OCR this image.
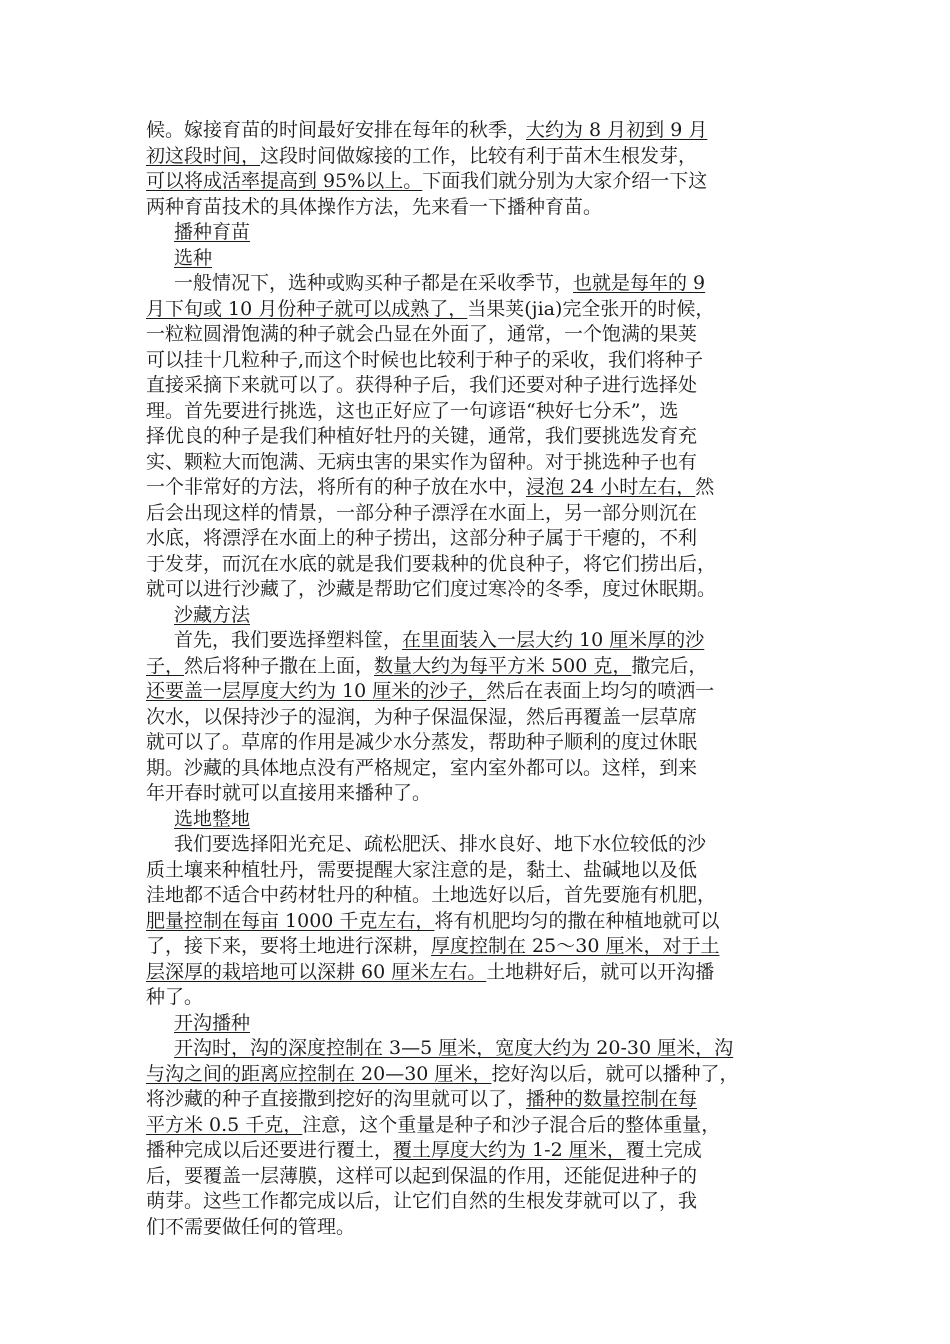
候。嫁接育苗的时间最好安排在每年的秋季，大约为 8 月初到 9 月
初这段时间，这段时间做嫁接的工作，比较有利于苗木生根发芽，
可以将成活率提高到 95%以上。下面我们就分别为大家介绍一下这
两种育苗技术的具体操作方法，先来看一下播种育苗。
播种育苗
选种
一般情况下，选种或购买种子都是在采收季节，也就是每年的 9
月下旬或 10 月份种子就可以成熟了，当果荚(jia)完全张开的时候，
一粒粒圆滑饱满的种子就会凸显在外面了，通常，一个饱满的果荚
可以挂十几粒种子,而这个时候也比较利于种子的采收，我们将种子
直接采摘下来就可以了。获得种子后，我们还要对种子进行选择处
理。首先要进行挑选，这也正好应了一句谚语“秧好七分禾”，选
择优良的种子是我们种植好牡丹的关键，通常，我们要挑选发育充
实、颗粒大而饱满、无病虫害的果实作为留种。对于挑选种子也有
一个非常好的方法，将所有的种子放在水中，浸泡 24 小时左右，然
后会出现这样的情景，一部分种子漂浮在水面上，另一部分则沉在
水底，将漂浮在水面上的种子捞出，这部分种子属于干瘪的，不利
于发芽，而沉在水底的就是我们要栽种的优良种子，将它们捞出后，
就可以进行沙藏了，沙藏是帮助它们度过寒冷的冬季，度过休眠期。
沙藏方法
首先，我们要选择塑料筐，在里面装入一层大约 10 厘米厚的沙
子，然后将种子撒在上面，数量大约为每平方米 500 克，撒完后，
还要盖一层厚度大约为 10 厘米的沙子，然后在表面上均匀的喷洒一
次水，以保持沙子的湿润，为种子保温保湿，然后再覆盖一层草席
就可以了。草席的作用是减少水分蒸发，帮助种子顺利的度过休眠
期。沙藏的具体地点没有严格规定，室内室外都可以。这样，到来
年开春时就可以直接用来播种了。
选地整地
我们要选择阳光充足、疏松肥沃、排水良好、地下水位较低的沙
质土壤来种植牡丹，需要提醒大家注意的是，黏土、盐碱地以及低
洼地都不适合中药材牡丹的种植。土地选好以后，首先要施有机肥，
肥量控制在每亩 1000 千克左右，将有机肥均匀的撒在种植地就可以
了，接下来，要将土地进行深耕，厚度控制在 25～30 厘米，对于土
层深厚的栽培地可以深耕 60 厘米左右。土地耕好后，就可以开沟播
种了。
开沟播种
开沟时，沟的深度控制在 3—5 厘米，宽度大约为 20-30 厘米，沟
与沟之间的距离应控制在 20—30 厘米，挖好沟以后，就可以播种了，
将沙藏的种子直接撒到挖好的沟里就可以了，播种的数量控制在每
平方米 0.5 千克，注意，这个重量是种子和沙子混合后的整体重量，
播种完成以后还要进行覆土，覆土厚度大约为 1-2 厘米，覆土完成
后，要覆盖一层薄膜，这样可以起到保温的作用，还能促进种子的
萌芽。这些工作都完成以后，让它们自然的生根发芽就可以了，我
们不需要做任何的管理。
